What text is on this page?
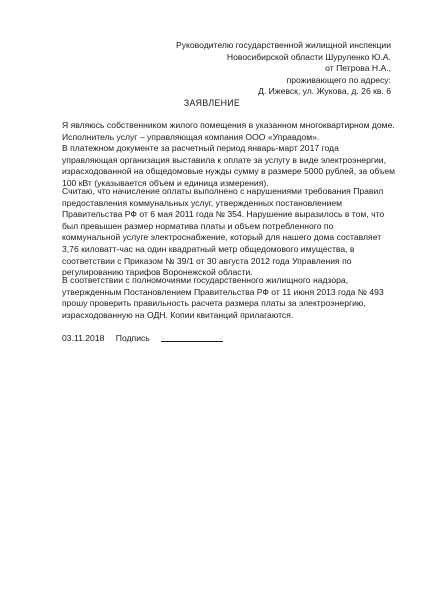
Руководителю государственной жилищной инспекции
Новосибирской области Шуруленко Ю.А.
от Петрова Н.А.,
проживающего по адресу:
Д. Ижевск, ул. Жукова, д. 26 кв. 6
ЗАЯВЛЕНИЕ
Я являюсь собственником жилого помещения в указанном многоквартирном доме.
Исполнитель услуг – управляющая компания ООО «Управдом».
В платежном документе за расчетный период январь-март 2017 года
управляющая организация выставила к оплате за услугу в виде электроэнергии,
израсходованной на общедомовые нужды сумму в размере 5000 рублей, за объем
100 кВт (указывается объем и единица измерения).
Считаю, что начисление оплаты выполнено с нарушениями требования Правил
предоставления коммунальных услуг, утвержденных постановлением
Правительства РФ от 6 мая 2011 года № 354. Нарушение выразилось в том, что
был превышен размер норматива платы и объем потребленного по
коммунальной услуге электроснабжение, который для нашего дома составляет
3,76 киловатт-час на один квадратный метр общедомового имущества, в
соответствии с Приказом № 39/1 от 30 августа 2012 года Управления по
регулированию тарифов Воронежской области.
В соответствии с полномочиями государственного жилищного надзора,
утвержденным Постановлением Правительства РФ от 11 июня 2013 года № 493
прошу проверить правильность расчета размера платы за электроэнергию,
израсходованную на ОДН. Копии квитанций прилагаются.
03.11.2018 Подпись
